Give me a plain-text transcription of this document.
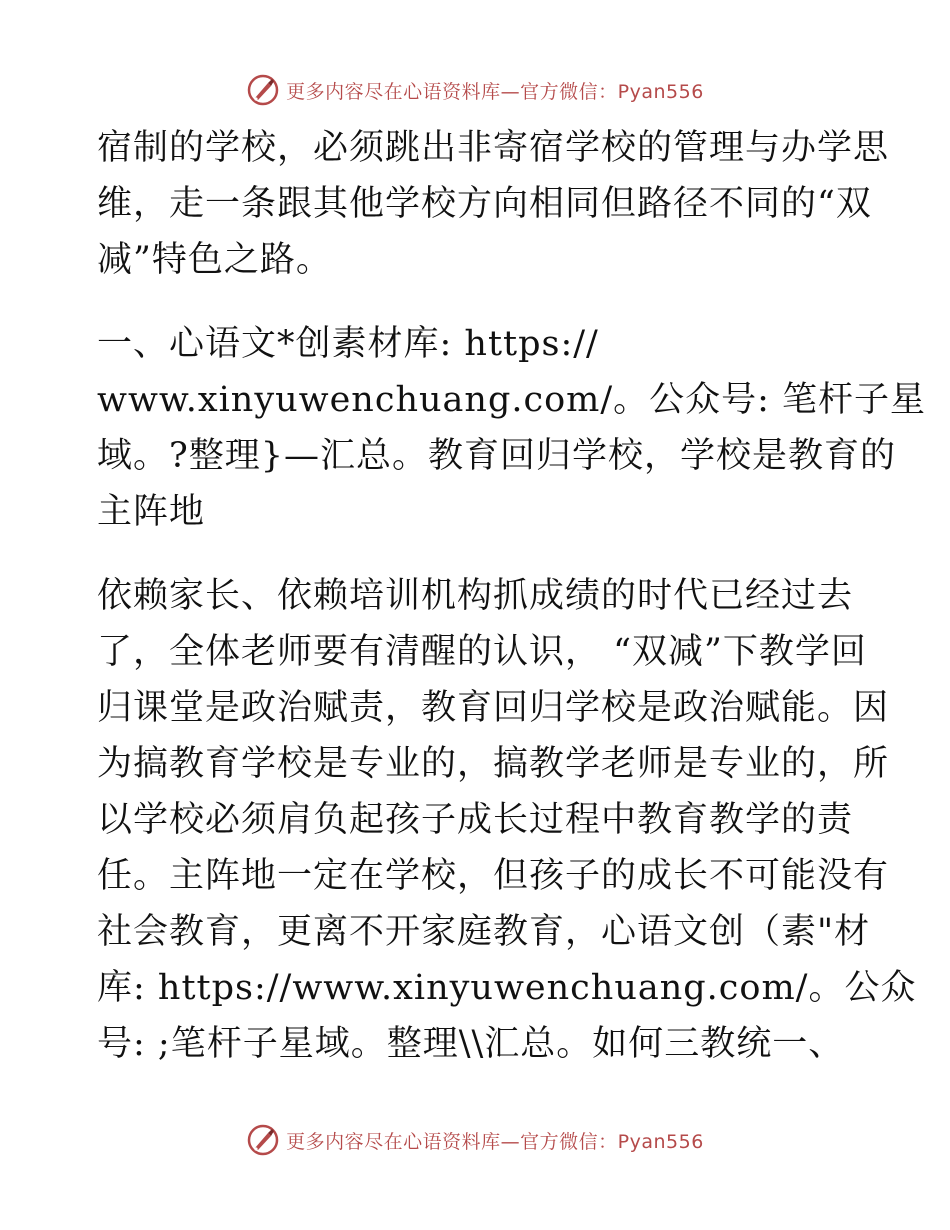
更多内容尽在心语资料库—官方微信：Pyan556
宿制的学校，必须跳出非寄宿学校的管理与办学思
维，走一条跟其他学校方向相同但路径不同的“双
减”特色之路。
一、心语文*创素材库: https://
www.xinyuwenchuang.com/。公众号: 笔杆子星
域。?整理}—汇总。教育回归学校，学校是教育的
主阵地
依赖家长、依赖培训机构抓成绩的时代已经过去
了，全体老师要有清醒的认识， “双减”下教学回
归课堂是政治赋责，教育回归学校是政治赋能。因
为搞教育学校是专业的，搞教学老师是专业的，所
以学校必须肩负起孩子成长过程中教育教学的责
任。主阵地一定在学校，但孩子的成长不可能没有
社会教育，更离不开家庭教育，心语文创（素"材
库: https://www.xinyuwenchuang.com/。公众
号: ;笔杆子星域。整理\\汇总。如何三教统一、
更多内容尽在心语资料库—官方微信：Pyan556
